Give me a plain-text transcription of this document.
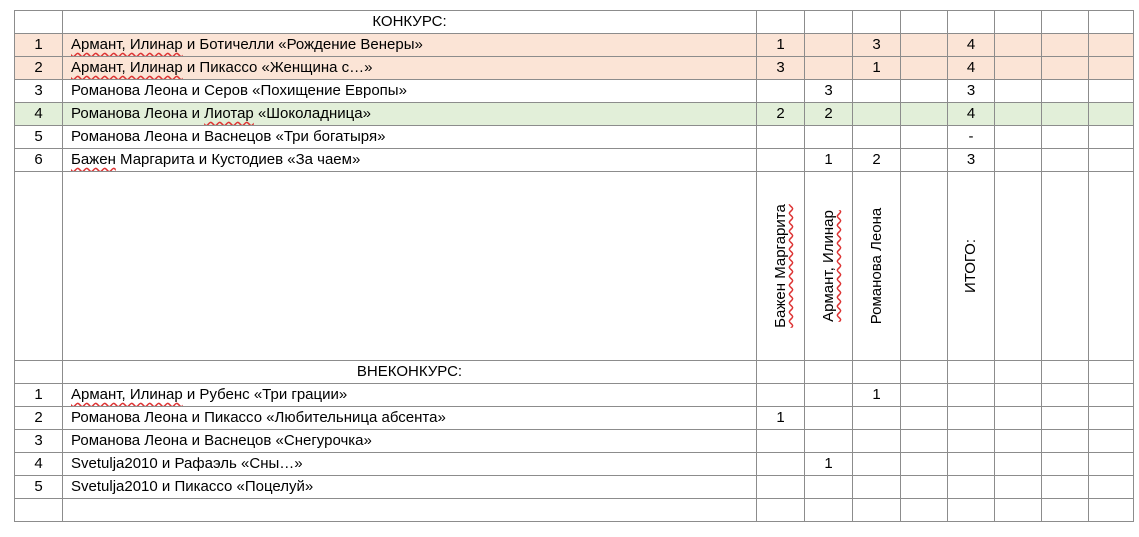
	КОНКУРС:								
1	Армант, Илинар и Ботичелли «Рождение Венеры»	1		3		4			
2	Армант, Илинар и Пикассо «Женщина с…»	3		1		4			
3	Романова Леона и Серов «Похищение Европы»		3			3			
4	Романова Леона и Лиотар «Шоколадница»	2	2			4			
5	Романова Леона и Васнецов «Три богатыря»					-			
6	Бажен Маргарита и Кустодиев «За чаем»		1	2		3			

		Бажен Маргарита	Армант, Илинар	Романова Леона		ИТОГО:			

	ВНЕКОНКУРС:								
1	Армант, Илинар и Рубенс «Три грации»			1					
2	Романова Леона и Пикассо «Любительница абсента»	1							
3	Романова Леона и Васнецов «Снегурочка»								
4	Svetulja2010 и Рафаэль «Сны…»		1						
5	Svetulja2010 и Пикассо «Поцелуй»								
